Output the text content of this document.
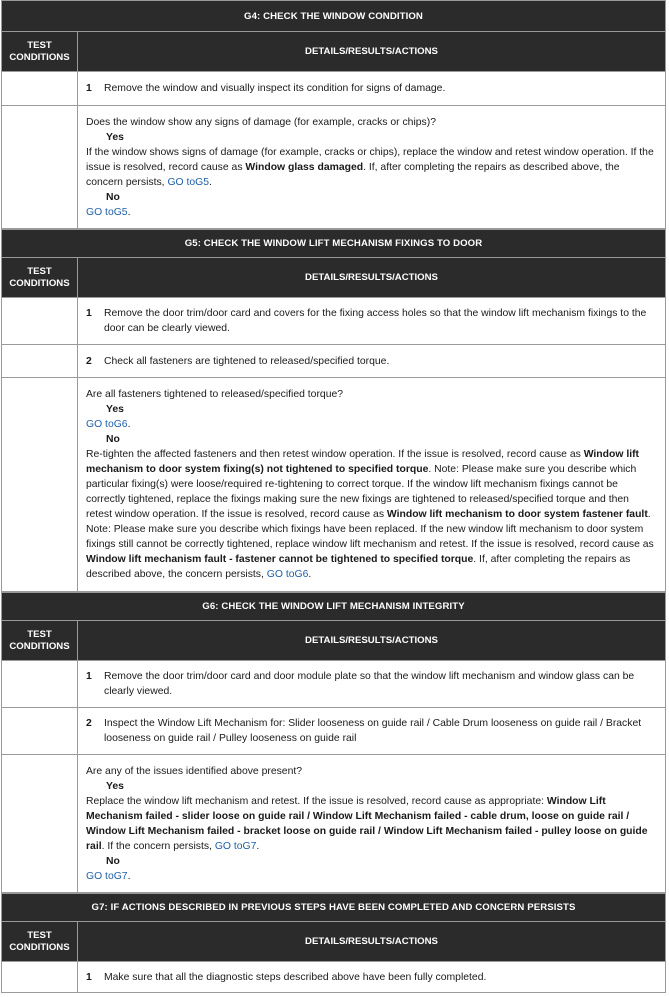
G4: CHECK THE WINDOW CONDITION	
TEST CONDITIONS	DETAILS/RESULTS/ACTIONS

	1 Remove the window and visually inspect its condition for signs of damage.

	Does the window show any signs of damage (for example, cracks or chips)?
Yes
If the window shows signs of damage (for example, cracks or chips), replace the window and retest window operation. If the issue is resolved, record cause as Window glass damaged. If, after completing the repairs as described above, the concern persists, GO toG5.
No
GO toG5.
G5: CHECK THE WINDOW LIFT MECHANISM FIXINGS TO DOOR	
TEST CONDITIONS	DETAILS/RESULTS/ACTIONS

	1 Remove the door trim/door card and covers for the fixing access holes so that the window lift mechanism fixings to the door can be clearly viewed.

	2 Check all fasteners are tightened to released/specified torque.

	Are all fasteners tightened to released/specified torque?
Yes
GO toG6.
No
Re-tighten the affected fasteners and then retest window operation. If the issue is resolved, record cause as Window lift mechanism to door system fixing(s) not tightened to specified torque. Note: Please make sure you describe which particular fixing(s) were loose/required re-tightening to correct torque. If the window lift mechanism fixings cannot be correctly tightened, replace the fixings making sure the new fixings are tightened to released/specified torque and then retest window operation. If the issue is resolved, record cause as Window lift mechanism to door system fastener fault. Note: Please make sure you describe which fixings have been replaced. If the new window lift mechanism to door system fixings still cannot be correctly tightened, replace window lift mechanism and retest. If the issue is resolved, record cause as Window lift mechanism fault - fastener cannot be tightened to specified torque. If, after completing the repairs as described above, the concern persists, GO toG6.
G6: CHECK THE WINDOW LIFT MECHANISM INTEGRITY	
TEST CONDITIONS	DETAILS/RESULTS/ACTIONS

	1 Remove the door trim/door card and door module plate so that the window lift mechanism and window glass can be clearly viewed.

	2 Inspect the Window Lift Mechanism for: Slider looseness on guide rail / Cable Drum looseness on guide rail / Bracket looseness on guide rail / Pulley looseness on guide rail

	Are any of the issues identified above present?
Yes
Replace the window lift mechanism and retest. If the issue is resolved, record cause as appropriate: Window Lift Mechanism failed - slider loose on guide rail / Window Lift Mechanism failed - cable drum, loose on guide rail / Window Lift Mechanism failed - bracket loose on guide rail / Window Lift Mechanism failed - pulley loose on guide rail. If the concern persists, GO toG7.
No
GO toG7.
G7: IF ACTIONS DESCRIBED IN PREVIOUS STEPS HAVE BEEN COMPLETED AND CONCERN PERSISTS	
TEST CONDITIONS	DETAILS/RESULTS/ACTIONS

	1 Make sure that all the diagnostic steps described above have been fully completed.
